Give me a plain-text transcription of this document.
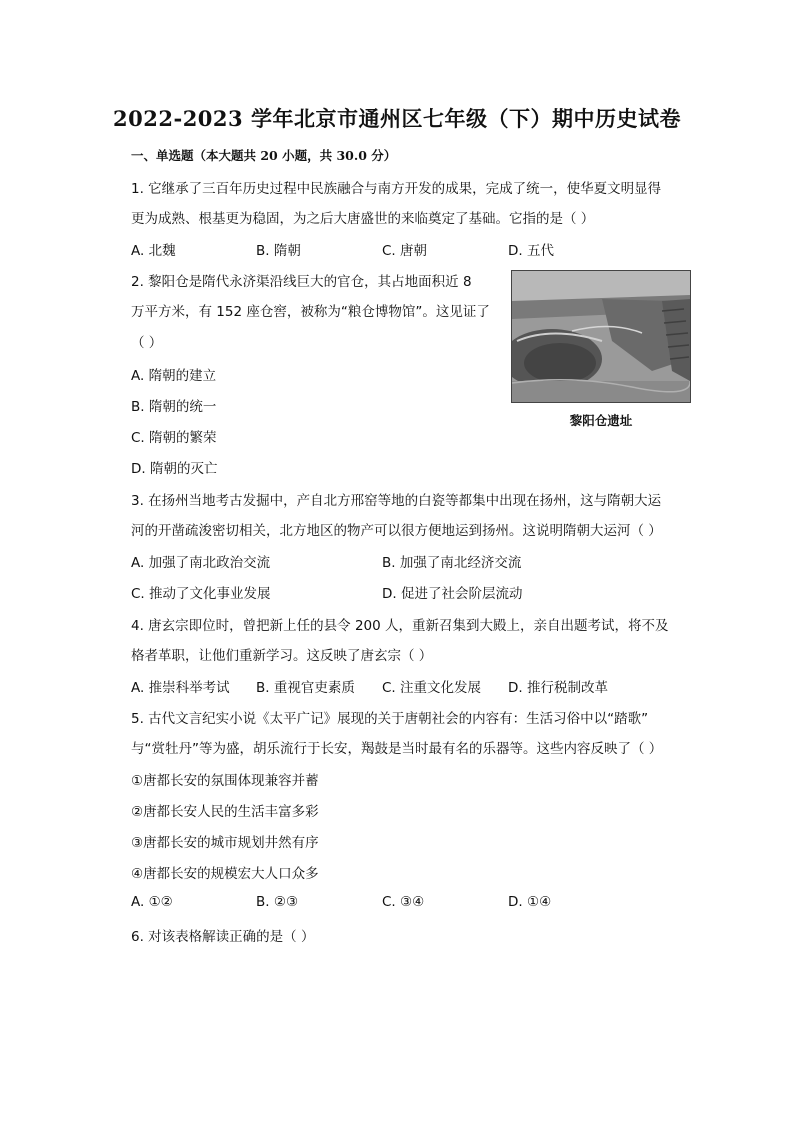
2022-2023 学年北京市通州区七年级（下）期中历史试卷
一、单选题（本大题共 20 小题，共 30.0 分）
1. 它继承了三百年历史过程中民族融合与南方开发的成果，完成了统一，使华夏文明显得
更为成熟、根基更为稳固，为之后大唐盛世的来临奠定了基础。它指的是（ ）
A. 北魏	B. 隋朝	C. 唐朝	D. 五代
2. 黎阳仓是隋代永济渠沿线巨大的官仓，其占地面积近 8
万平方米，有 152 座仓窖，被称为“粮仓博物馆”。这见证了
（ ）
A. 隋朝的建立
B. 隋朝的统一
C. 隋朝的繁荣
D. 隋朝的灭亡
黎阳仓遗址
3. 在扬州当地考古发掘中，产自北方邢窑等地的白瓷等都集中出现在扬州，这与隋朝大运
河的开凿疏浚密切相关，北方地区的物产可以很方便地运到扬州。这说明隋朝大运河（ ）
A. 加强了南北政治交流	B. 加强了南北经济交流
C. 推动了文化事业发展	D. 促进了社会阶层流动
4. 唐玄宗即位时，曾把新上任的县令 200 人，重新召集到大殿上，亲自出题考试，将不及
格者革职，让他们重新学习。这反映了唐玄宗（ ）
A. 推崇科举考试 B. 重视官吏素质 C. 注重文化发展 D. 推行税制改革
5. 古代文言纪实小说《太平广记》展现的关于唐朝社会的内容有：生活习俗中以“踏歌”
与“赏牡丹”等为盛，胡乐流行于长安，羯鼓是当时最有名的乐器等。这些内容反映了（ ）
①唐都长安的氛围体现兼容并蓄
②唐都长安人民的生活丰富多彩
③唐都长安的城市规划井然有序
④唐都长安的规模宏大人口众多
A. ①②	B. ②③	C. ③④	D. ①④
6. 对该表格解读正确的是（ ）
